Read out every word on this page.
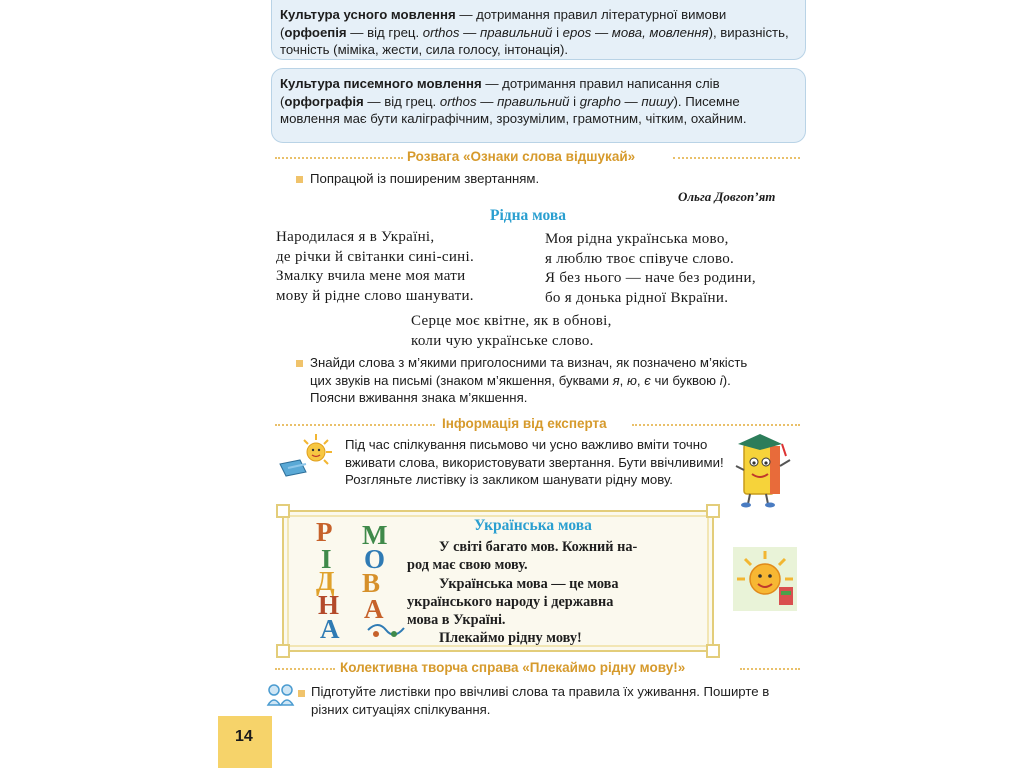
Культура усного мовлення — дотримання правил літературної вимови (орфоепія — від грец. orthos — правильний і epos — мова, мовлення), виразність, точність (міміка, жести, сила голосу, інтонація).
Культура писемного мовлення — дотримання правил написання слів (орфографія — від грец. orthos — правильний і grapho — пишу). Писемне мовлення має бути каліграфічним, зрозумілим, грамотним, чітким, охайним.
Розвага «Ознаки слова відшукай»
Попрацюй із поширеним звертанням.
Ольга Довгоп’ят
Рідна мова
Народилася я в Україні,
де річки й світанки сині-сині.
Змалку вчила мене моя мати
мову й рідне слово шанувати.
Моя рідна українська мово,
я люблю твоє співуче слово.
Я без нього — наче без родини,
бо я донька рідної Вкраїни.
Серце моє квітне, як в обнові,
коли чую українське слово.
Знайди слова з м’якими приголосними та визнач, як позначено м’якість
цих звуків на письмі (знаком м’якшення, буквами я, ю, є чи буквою і).
Поясни вживання знака м’якшення.
Інформація від експерта
Під час спілкування письмово чи усно важливо вміти точно вживати слова, використовувати звертання. Бути ввічливими! Розгляньте листівку із закликом шанувати рідну мову.
Р
І
Д
Н
А
М
О
В
А
Українська мова
У світі багато мов. Кожний на-
род має свою мову.
Українська мова — це мова
українського народу і державна
мова в Україні.
Плекаймо рідну мову!
Колективна творча справа «Плекаймо рідну мову!»
Підготуйте листівки про ввічливі слова та правила їх уживання. Поширте в різних ситуаціях спілкування.
14
